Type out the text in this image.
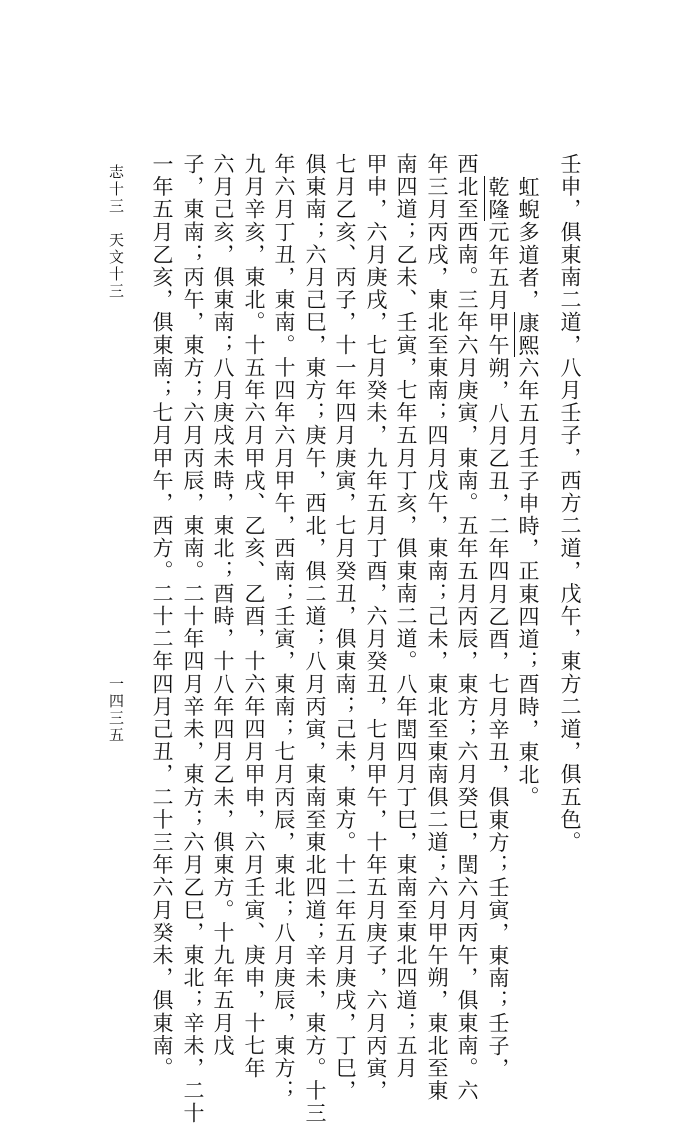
壬申，俱東南二道，八月壬子，西方二道，戊午，東方二道，俱五色。
虹蜺多道者，康熙六年五月壬子申時，正東四道；酉時，東北。
乾隆元年五月甲午朔，八月乙丑，二年四月乙酉，七月辛丑，俱東方；壬寅，東南；壬子，
西北至西南。三年六月庚寅，東南。五年五月丙辰，東方；六月癸巳，閏六月丙午，俱東南。六
年三月丙戌，東北至東南；四月戊午，東南；己未，東北至東南俱二道；六月甲午朔，東北至東
南四道；乙未、壬寅，七年五月丁亥，俱東南二道。八年閏四月丁巳，東南至東北四道；五月
甲申，六月庚戌，七月癸未，九年五月丁酉，六月癸丑，七月甲午，十年五月庚子，六月丙寅，
七月乙亥、丙子，十一年四月庚寅，七月癸丑，俱東南；己未，東方。十二年五月庚戌，丁巳，
俱東南；六月己巳，東方；庚午，西北，俱二道；八月丙寅，東南至東北四道；辛未，東方。十三
年六月丁丑，東南。十四年六月甲午，西南；壬寅，東南；七月丙辰，東北；八月庚辰，東方；
九月辛亥，東北。十五年六月甲戌、乙亥、乙酉，十六年四月甲申，六月壬寅、庚申，十七年
六月己亥，俱東南；八月庚戌未時，東北；酉時，十八年四月乙未，俱東方。十九年五月戊
子，東南；丙午，東方；六月丙辰，東南。二十年四月辛未，東方；六月乙巳，東北；辛未，二十
一年五月乙亥，俱東南；七月甲午，西方。二十二年四月己丑，二十三年六月癸未，俱東南。
志十三　天文十三
一四三五
